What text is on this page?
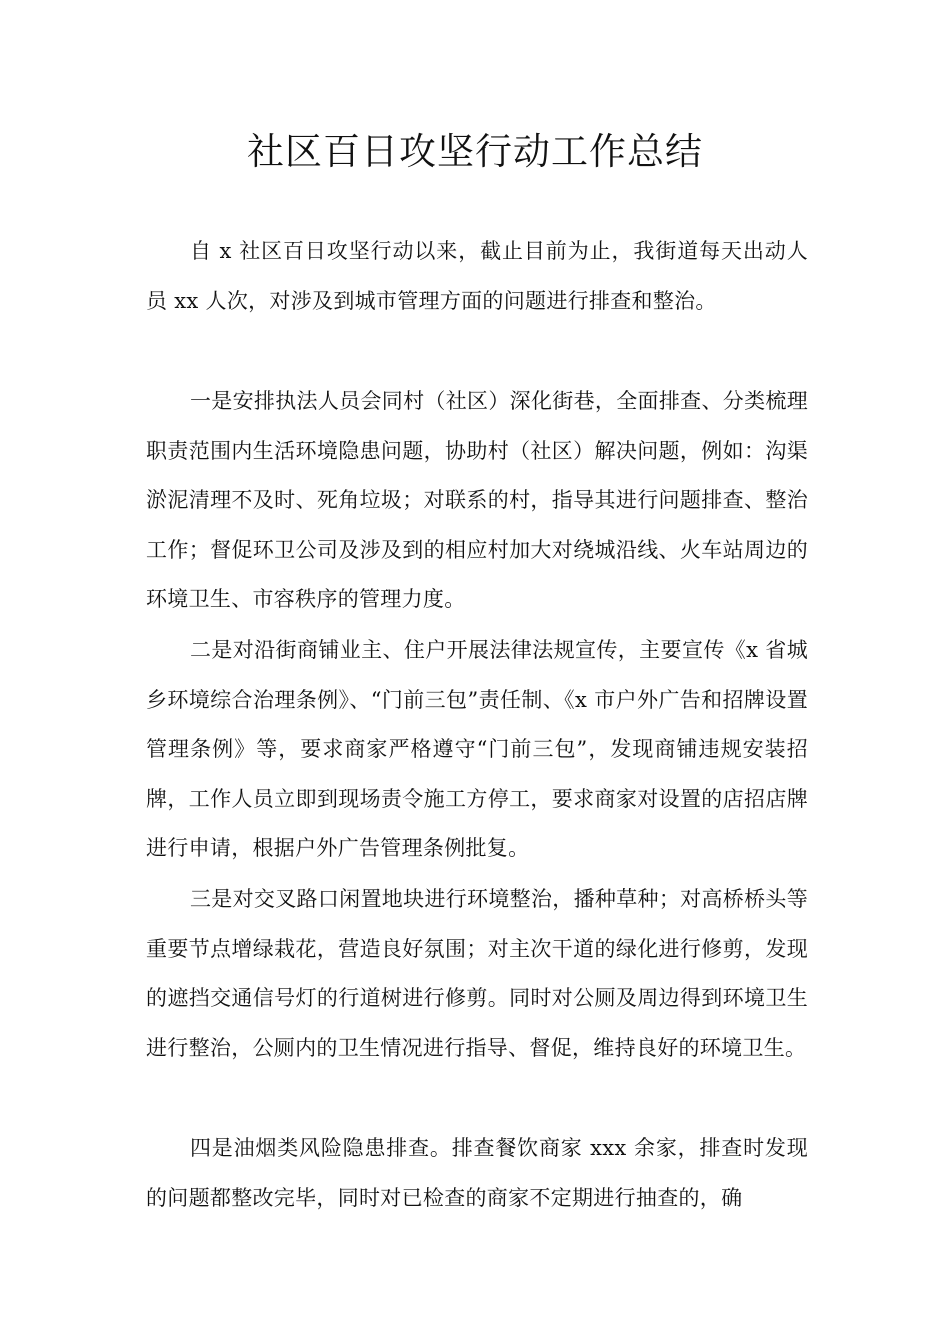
社区百日攻坚行动工作总结

自 x 社区百日攻坚行动以来，截止目前为止，我街道每天出动人员 xx 人次，对涉及到城市管理方面的问题进行排查和整治。

一是安排执法人员会同村（社区）深化街巷，全面排查、分类梳理职责范围内生活环境隐患问题，协助村（社区）解决问题，例如：沟渠淤泥清理不及时、死角垃圾；对联系的村，指导其进行问题排查、整治工作；督促环卫公司及涉及到的相应村加大对绕城沿线、火车站周边的环境卫生、市容秩序的管理力度。

二是对沿街商铺业主、住户开展法律法规宣传，主要宣传《x 省城乡环境综合治理条例》、“门前三包”责任制、《x 市户外广告和招牌设置管理条例》等，要求商家严格遵守“门前三包”，发现商铺违规安装招牌，工作人员立即到现场责令施工方停工，要求商家对设置的店招店牌进行申请，根据户外广告管理条例批复。

三是对交叉路口闲置地块进行环境整治，播种草种；对高桥桥头等重要节点增绿栽花，营造良好氛围；对主次干道的绿化进行修剪，发现的遮挡交通信号灯的行道树进行修剪。同时对公厕及周边得到环境卫生进行整治，公厕内的卫生情况进行指导、督促，维持良好的环境卫生。

四是油烟类风险隐患排查。排查餐饮商家 xxx 余家，排查时发现的问题都整改完毕，同时对已检查的商家不定期进行抽查的，确
